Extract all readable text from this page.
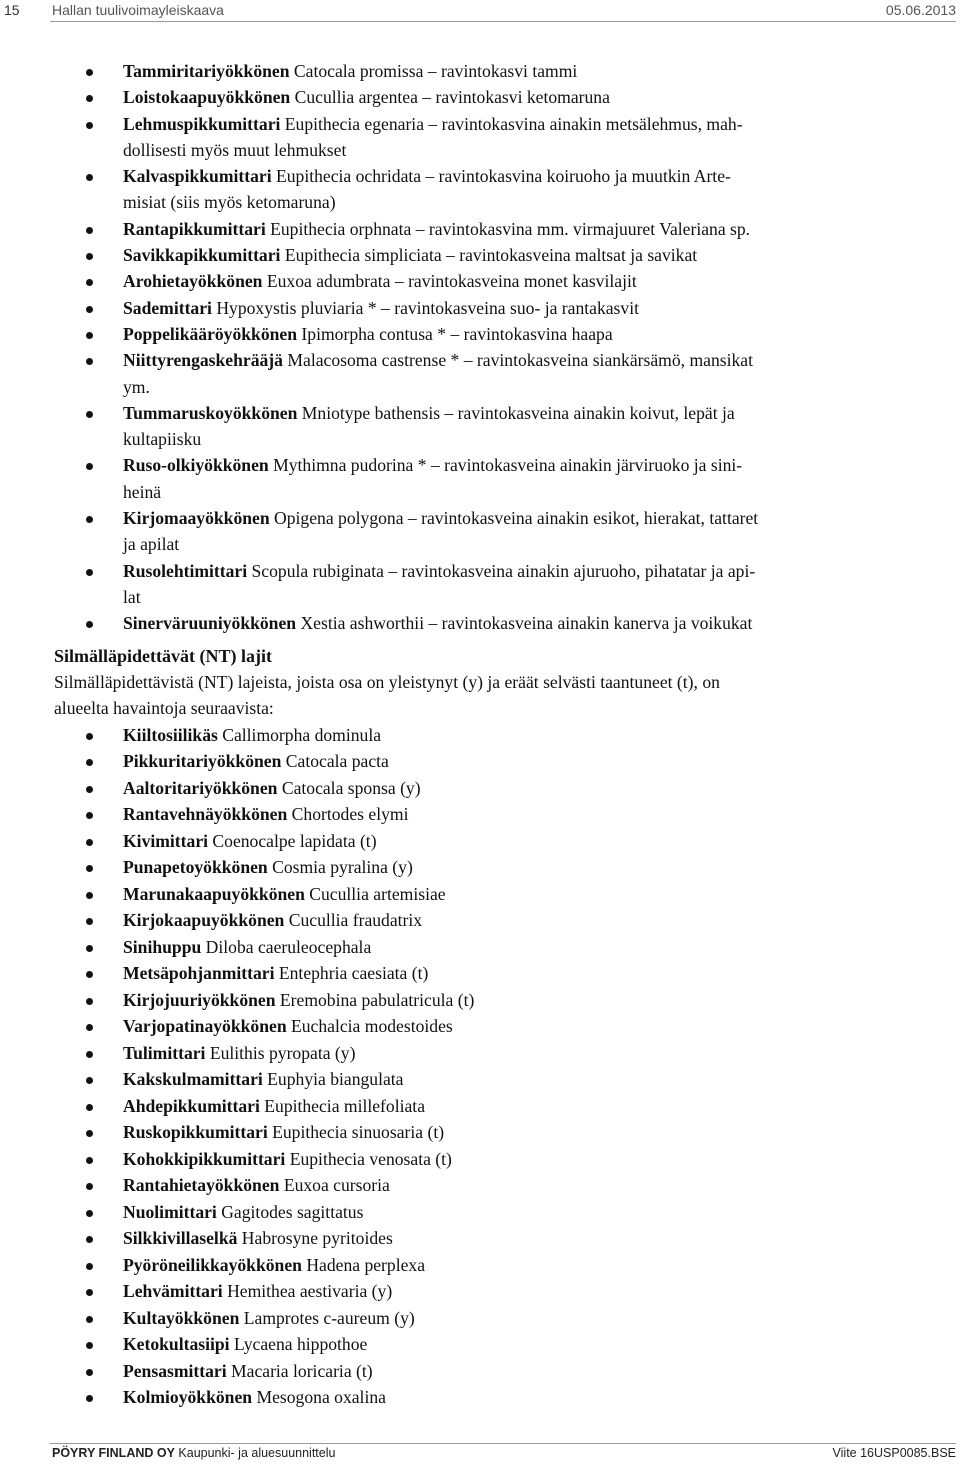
15 Hallan tuulivoimayleiskaava	05.06.2013
Tammiritariyökkönen Catocala promissa – ravintokasvi tammi
Loistokaapuyökkönen Cucullia argentea – ravintokasvi ketomaruna
Lehmuspikkumittari Eupithecia egenaria – ravintokasvina ainakin metsälehmus, mah-
dollisesti myös muut lehmukset
Kalvaspikkumittari Eupithecia ochridata – ravintokasvina koiruoho ja muutkin Arte-
misiat (siis myös ketomaruna)
Rantapikkumittari Eupithecia orphnata – ravintokasvina mm. virmajuuret Valeriana sp.
Savikkapikkumittari Eupithecia simpliciata – ravintokasveina maltsat ja savikat
Arohietayökkönen Euxoa adumbrata – ravintokasveina monet kasvilajit
Sademittari Hypoxystis pluviaria * – ravintokasveina suo- ja rantakasvit
Poppelikääröyökkönen Ipimorpha contusa * – ravintokasvina haapa
Niittyrengaskehrääjä Malacosoma castrense * – ravintokasveina siankärsämö, mansikat
ym.
Tummaruskoyökkönen Mniotype bathensis – ravintokasveina ainakin koivut, lepät ja
kultapiisku
Ruso-olkiyökkönen Mythimna pudorina * – ravintokasveina ainakin järviruoko ja sini-
heinä
Kirjomaayökkönen Opigena polygona – ravintokasveina ainakin esikot, hierakat, tattaret
ja apilat
Rusolehtimittari Scopula rubiginata – ravintokasveina ainakin ajuruoho, pihatatar ja api-
lat
Sinerväruuniyökkönen Xestia ashworthii – ravintokasveina ainakin kanerva ja voikukat
Silmälläpidettävät (NT) lajit
Silmälläpidettävistä (NT) lajeista, joista osa on yleistynyt (y) ja eräät selvästi taantuneet (t), on
alueelta havaintoja seuraavista:
Kiiltosiilikäs Callimorpha dominula
Pikkuritariyökkönen Catocala pacta
Aaltoritariyökkönen Catocala sponsa (y)
Rantavehnäyökkönen Chortodes elymi
Kivimittari Coenocalpe lapidata (t)
Punapetoyökkönen Cosmia pyralina (y)
Marunakaapuyökkönen Cucullia artemisiae
Kirjokaapuyökkönen Cucullia fraudatrix
Sinihuppu Diloba caeruleocephala
Metsäpohjanmittari Entephria caesiata (t)
Kirjojuuriyökkönen Eremobina pabulatricula (t)
Varjopatinayökkönen Euchalcia modestoides
Tulimittari Eulithis pyropata (y)
Kakskulmamittari Euphyia biangulata
Ahdepikkumittari Eupithecia millefoliata
Ruskopikkumittari Eupithecia sinuosaria (t)
Kohokkipikkumittari Eupithecia venosata (t)
Rantahietayökkönen Euxoa cursoria
Nuolimittari Gagitodes sagittatus
Silkkivillaselkä Habrosyne pyritoides
Pyöröneilikkayökkönen Hadena perplexa
Lehvämittari Hemithea aestivaria (y)
Kultayökkönen Lamprotes c-aureum (y)
Ketokultasiipi Lycaena hippothoe
Pensasmittari Macaria loricaria (t)
Kolmioyökkönen Mesogona oxalina
PÖYRY FINLAND OY Kaupunki- ja aluesuunnittelu	Viite 16USP0085.BSE
